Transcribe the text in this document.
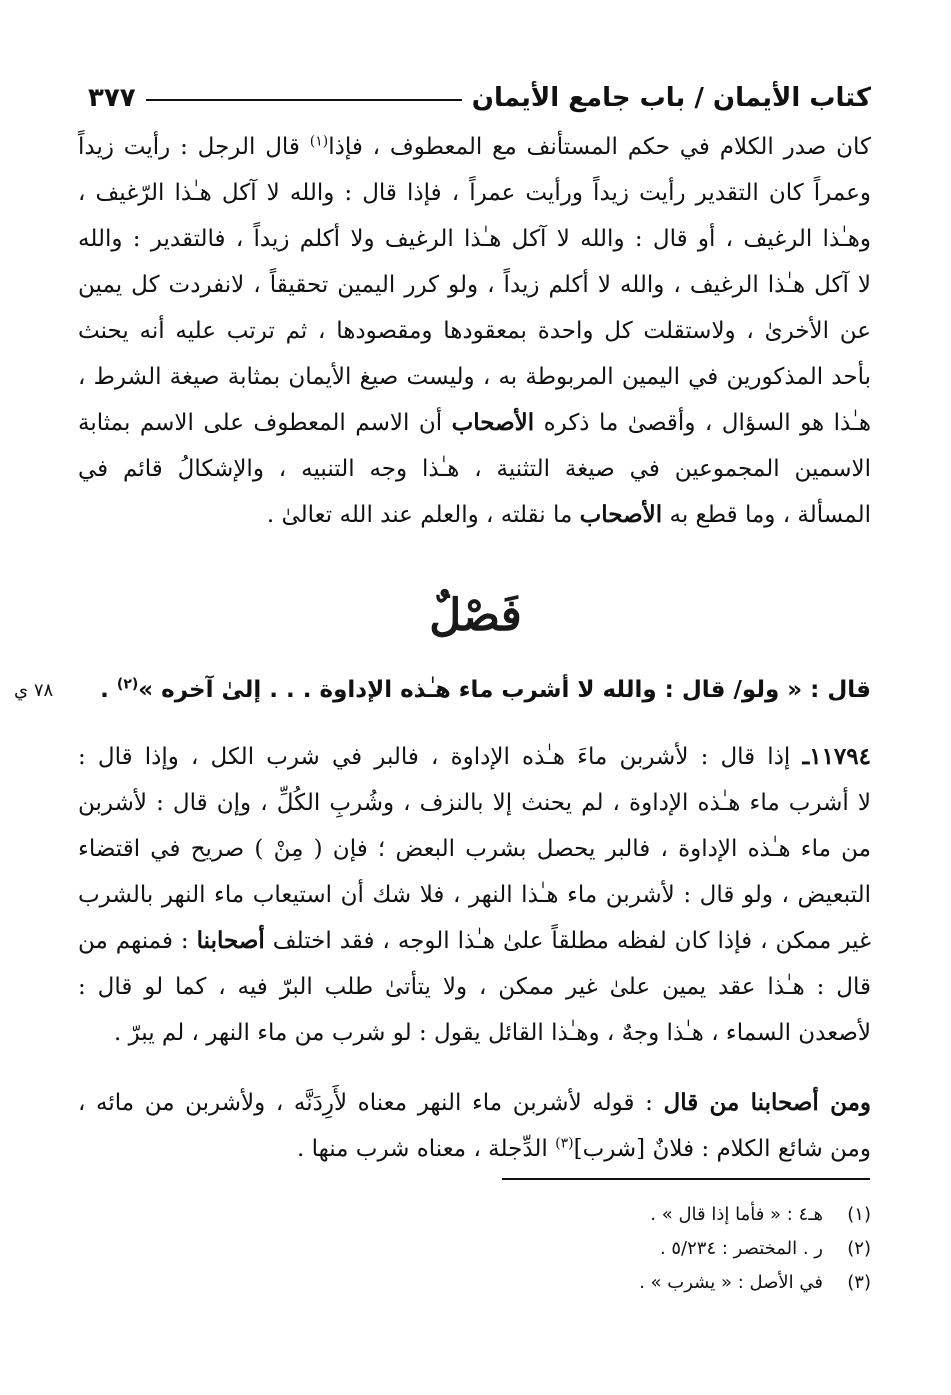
كتاب الأيمان / باب جامع الأيمان
٣٧٧
كان صدر الكلام في حكم المستأنف مع المعطوف ، فإذا$^{(١)}$ قال الرجل : رأيت زيداً
وعمراً كان التقدير رأيت زيداً ورأيت عمراً ، فإذا قال : والله لا آكل هـٰذا الرّغيف ،
وهـٰذا الرغيف ، أو قال : والله لا آكل هـٰذا الرغيف ولا أكلم زيداً ، فالتقدير : والله
لا آكل هـٰذا الرغيف ، والله لا أكلم زيداً ، ولو كرر اليمين تحقيقاً ، لانفردت كل يمين
عن الأخرىٰ ، ولاستقلت كل واحدة بمعقودها ومقصودها ، ثم ترتب عليه أنه يحنث
بأحد المذكورين في اليمين المربوطة به ، وليست صيغ الأيمان بمثابة صيغة الشرط ،
هـٰذا هو السؤال ، وأقصىٰ ما ذكره الأصحاب أن الاسم المعطوف على الاسم بمثابة
الاسمين المجموعين في صيغة التثنية ، هـٰذا وجه التنبيه ، والإشكالُ قائم في
المسألة ، وما قطع به الأصحاب ما نقلته ، والعلم عند الله تعالىٰ .
فَصْلٌ
قال : « ولو/ قال : والله لا أشرب ماء هـٰذه الإداوة . . . إلىٰ آخره »$^{(٢)}$ .
٧٨ ي
١١٧٩٤ـ إذا قال : لأشربن ماءَ هـٰذه الإداوة ، فالبر في شرب الكل ، وإذا قال :
لا أشرب ماء هـٰذه الإداوة ، لم يحنث إلا بالنزف ، وشُربِ الكُلِّ ، وإن قال : لأشربن
من ماء هـٰذه الإداوة ، فالبر يحصل بشرب البعض ؛ فإن ( مِنْ ) صريح في اقتضاء
التبعيض ، ولو قال : لأشربن ماء هـٰذا النهر ، فلا شك أن استيعاب ماء النهر بالشرب
غير ممكن ، فإذا كان لفظه مطلقاً علىٰ هـٰذا الوجه ، فقد اختلف أصحابنا : فمنهم من
قال : هـٰذا عقد يمين علىٰ غير ممكن ، ولا يتأتىٰ طلب البرّ فيه ، كما لو قال :
لأصعدن السماء ، هـٰذا وجهٌ ، وهـٰذا القائل يقول : لو شرب من ماء النهر ، لم يبرّ .
ومن أصحابنا من قال : قوله لأشربن ماء النهر معناه لأَرِدَنَّه ، ولأشربن من مائه ،
ومن شائع الكلام : فلانٌ [شرب]$^{(٣)}$ الدِّجلة ، معناه شرب منها .
(١)
هـ٤ : « فأما إذا قال » .
(٢)
ر . المختصر : ٥/٢٣٤ .
(٣)
في الأصل : « يشرب » .
